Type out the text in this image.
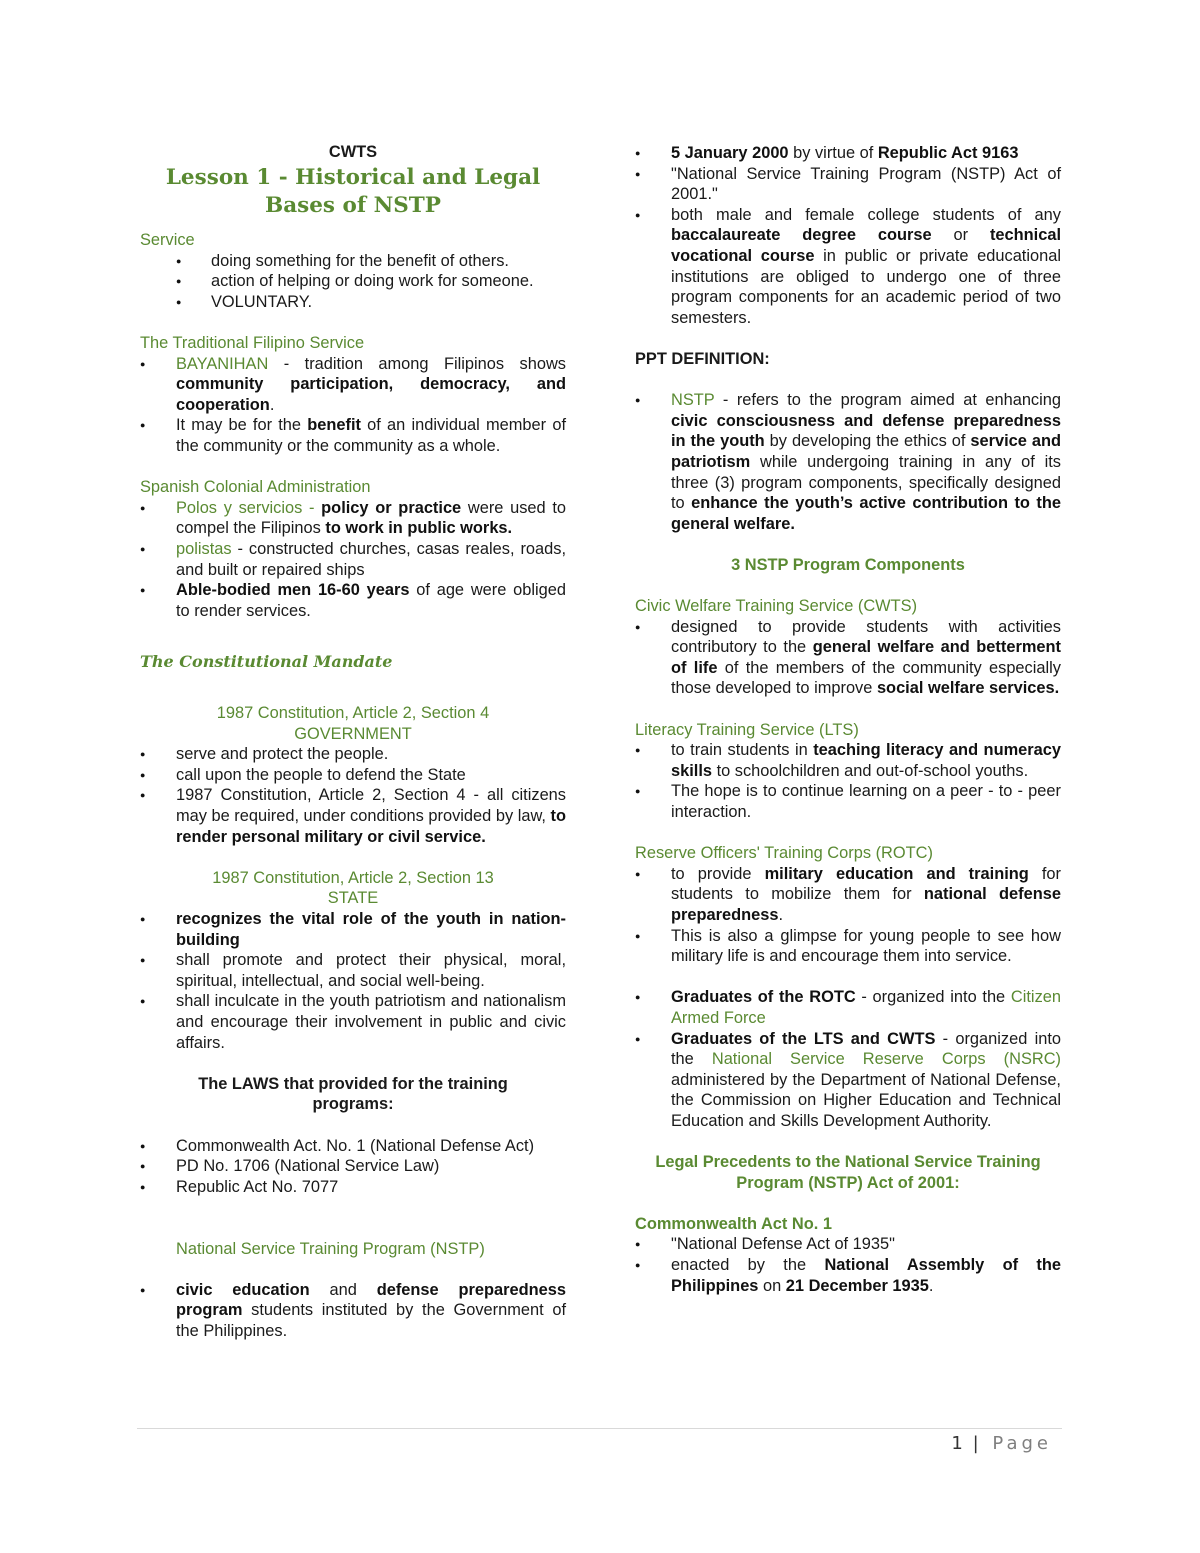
CWTS

Lesson 1 - Historical and Legal Bases of NSTP

Service
● doing something for the benefit of others.
● action of helping or doing work for someone.
● VOLUNTARY.
The Traditional Filipino Service
● BAYANIHAN - tradition among Filipinos shows community participation, democracy, and cooperation.
● It may be for the benefit of an individual member of the community or the community as a whole.
Spanish Colonial Administration
● Polos y servicios - policy or practice were used to compel the Filipinos to work in public works.
● polistas - constructed churches, casas reales, roads, and built or repaired ships
● Able-bodied men 16-60 years of age were obliged to render services.
The Constitutional Mandate
1987 Constitution, Article 2, Section 4
GOVERNMENT
● serve and protect the people.
● call upon the people to defend the State
● 1987 Constitution, Article 2, Section 4 - all citizens may be required, under conditions provided by law, to render personal military or civil service.
1987 Constitution, Article 2, Section 13
STATE
● recognizes the vital role of the youth in nation-building
● shall promote and protect their physical, moral, spiritual, intellectual, and social well-being.
● shall inculcate in the youth patriotism and nationalism and encourage their involvement in public and civic affairs.
The LAWS that provided for the training programs:
● Commonwealth Act. No. 1 (National Defense Act)
● PD No. 1706 (National Service Law)
● Republic Act No. 7077
National Service Training Program (NSTP)
● civic education and defense preparedness program students instituted by the Government of the Philippines.
● 5 January 2000 by virtue of Republic Act 9163
● "National Service Training Program (NSTP) Act of 2001."
● both male and female college students of any baccalaureate degree course or technical vocational course in public or private educational institutions are obliged to undergo one of three program components for an academic period of two semesters.
PPT DEFINITION:
● NSTP - refers to the program aimed at enhancing civic consciousness and defense preparedness in the youth by developing the ethics of service and patriotism while undergoing training in any of its three (3) program components, specifically designed to enhance the youth’s active contribution to the general welfare.
3 NSTP Program Components
Civic Welfare Training Service (CWTS)
● designed to provide students with activities contributory to the general welfare and betterment of life of the members of the community especially those developed to improve social welfare services.
Literacy Training Service (LTS)
● to train students in teaching literacy and numeracy skills to schoolchildren and out-of-school youths.
● The hope is to continue learning on a peer - to - peer interaction.
Reserve Officers' Training Corps (ROTC)
● to provide military education and training for students to mobilize them for national defense preparedness.
● This is also a glimpse for young people to see how military life is and encourage them into service.
● Graduates of the ROTC - organized into the Citizen Armed Force
● Graduates of the LTS and CWTS - organized into the National Service Reserve Corps (NSRC) administered by the Department of National Defense, the Commission on Higher Education and Technical Education and Skills Development Authority.
Legal Precedents to the National Service Training Program (NSTP) Act of 2001:
Commonwealth Act No. 1
● "National Defense Act of 1935"
● enacted by the National Assembly of the Philippines on 21 December 1935.
1 | Page
